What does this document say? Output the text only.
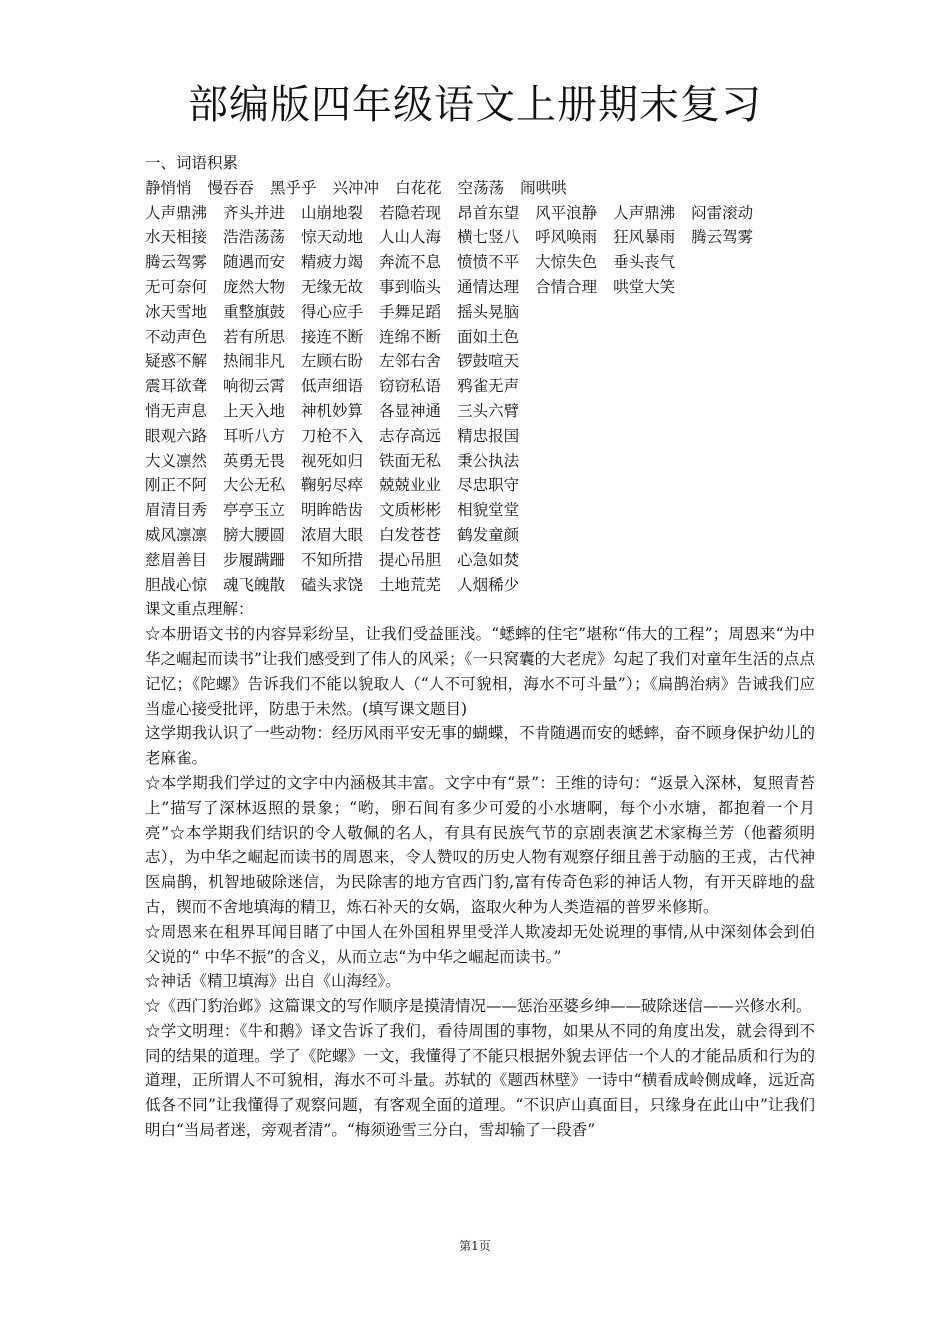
部编版四年级语文上册期末复习
一、词语积累
静悄悄 慢吞吞 黑乎乎 兴冲冲 白花花 空荡荡 闹哄哄
人声鼎沸 齐头并进 山崩地裂 若隐若现 昂首东望 风平浪静 人声鼎沸 闷雷滚动
水天相接 浩浩荡荡 惊天动地 人山人海 横七竖八 呼风唤雨 狂风暴雨 腾云驾雾
腾云驾雾 随遇而安 精疲力竭 奔流不息 愤愤不平 大惊失色 垂头丧气
无可奈何 庞然大物 无缘无故 事到临头 通情达理 合情合理 哄堂大笑
冰天雪地 重整旗鼓 得心应手 手舞足蹈 摇头晃脑
不动声色 若有所思 接连不断 连绵不断 面如土色
疑惑不解 热闹非凡 左顾右盼 左邻右舍 锣鼓喧天
震耳欲聋 响彻云霄 低声细语 窃窃私语 鸦雀无声
悄无声息 上天入地 神机妙算 各显神通 三头六臂
眼观六路 耳听八方 刀枪不入 志存高远 精忠报国
大义凛然 英勇无畏 视死如归 铁面无私 秉公执法
刚正不阿 大公无私 鞠躬尽瘁 兢兢业业 尽忠职守
眉清目秀 亭亭玉立 明眸皓齿 文质彬彬 相貌堂堂
威风凛凛 膀大腰圆 浓眉大眼 白发苍苍 鹤发童颜
慈眉善目 步履蹒跚 不知所措 提心吊胆 心急如焚
胆战心惊 魂飞魄散 磕头求饶 土地荒芜 人烟稀少
课文重点理解：
☆本册语文书的内容异彩纷呈，让我们受益匪浅。“蟋蟀的住宅”堪称“伟大的工程”；周恩来“为中华之崛起而读书”让我们感受到了伟人的风采；《一只窝囊的大老虎》勾起了我们对童年生活的点点记忆；《陀螺》告诉我们不能以貌取人（“人不可貌相，海水不可斗量”）；《扁鹊治病》告诫我们应当虚心接受批评，防患于未然。(填写课文题目)
这学期我认识了一些动物：经历风雨平安无事的蝴蝶，不肯随遇而安的蟋蟀，奋不顾身保护幼儿的老麻雀。
☆本学期我们学过的文字中内涵极其丰富。文字中有“景”：王维的诗句：“返景入深林，复照青苔上”描写了深林返照的景象；“哟，卵石间有多少可爱的小水塘啊，每个小水塘，都抱着一个月亮”☆本学期我们结识的令人敬佩的名人，有具有民族气节的京剧表演艺术家梅兰芳（他蓄须明志），为中华之崛起而读书的周恩来，令人赞叹的历史人物有观察仔细且善于动脑的王戎，古代神医扁鹊，机智地破除迷信，为民除害的地方官西门豹,富有传奇色彩的神话人物，有开天辟地的盘古，锲而不舍地填海的精卫，炼石补天的女娲，盗取火种为人类造福的普罗米修斯。
☆周恩来在租界耳闻目睹了中国人在外国租界里受洋人欺凌却无处说理的事情,从中深刻体会到伯父说的“ 中华不振”的含义，从而立志“为中华之崛起而读书。”
☆神话《精卫填海》出自《山海经》。
☆《西门豹治邺》这篇课文的写作顺序是摸清情况——惩治巫婆乡绅——破除迷信——兴修水利。
☆学文明理：《牛和鹅》译文告诉了我们，看待周围的事物，如果从不同的角度出发，就会得到不同的结果的道理。学了《陀螺》一文，我懂得了不能只根据外貌去评估一个人的才能品质和行为的道理，正所谓人不可貌相，海水不可斗量。苏轼的《题西林壁》一诗中“横看成岭侧成峰，远近高低各不同”让我懂得了观察问题，有客观全面的道理。“不识庐山真面目，只缘身在此山中”让我们明白“当局者迷，旁观者清”。“梅须逊雪三分白，雪却输了一段香”
第1页
